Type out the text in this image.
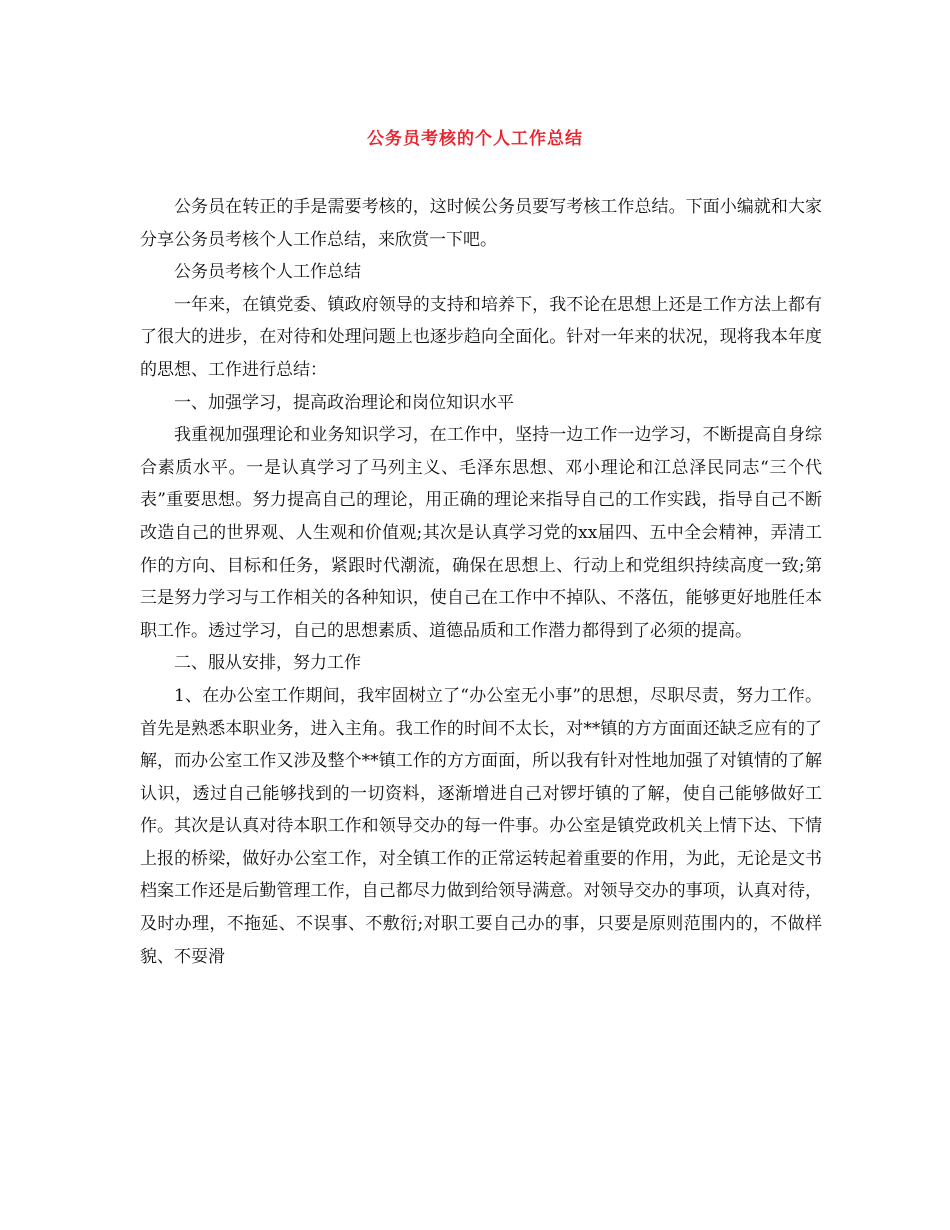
公务员考核的个人工作总结

公务员在转正的手是需要考核的，这时候公务员要写考核工作总结。下面小编就和大家分享公务员考核个人工作总结，来欣赏一下吧。

公务员考核个人工作总结

一年来，在镇党委、镇政府领导的支持和培养下，我不论在思想上还是工作方法上都有了很大的进步，在对待和处理问题上也逐步趋向全面化。针对一年来的状况，现将我本年度的思想、工作进行总结：

一、加强学习，提高政治理论和岗位知识水平

我重视加强理论和业务知识学习，在工作中，坚持一边工作一边学习，不断提高自身综合素质水平。一是认真学习了马列主义、毛泽东思想、邓小理论和江总泽民同志“三个代表”重要思想。努力提高自己的理论，用正确的理论来指导自己的工作实践，指导自己不断改造自己的世界观、人生观和价值观;其次是认真学习党的xx届四、五中全会精神，弄清工作的方向、目标和任务，紧跟时代潮流，确保在思想上、行动上和党组织持续高度一致;第三是努力学习与工作相关的各种知识，使自己在工作中不掉队、不落伍，能够更好地胜任本职工作。透过学习，自己的思想素质、道德品质和工作潜力都得到了必须的提高。

二、服从安排，努力工作

1、在办公室工作期间，我牢固树立了“办公室无小事”的思想，尽职尽责，努力工作。首先是熟悉本职业务，进入主角。我工作的时间不太长，对**镇的方方面面还缺乏应有的了解，而办公室工作又涉及整个**镇工作的方方面面，所以我有针对性地加强了对镇情的了解认识，透过自己能够找到的一切资料，逐渐增进自己对锣圩镇的了解，使自己能够做好工作。其次是认真对待本职工作和领导交办的每一件事。办公室是镇党政机关上情下达、下情上报的桥梁，做好办公室工作，对全镇工作的正常运转起着重要的作用，为此，无论是文书档案工作还是后勤管理工作，自己都尽力做到给领导满意。对领导交办的事项，认真对待，及时办理，不拖延、不误事、不敷衍;对职工要自己办的事，只要是原则范围内的，不做样貌、不耍滑
